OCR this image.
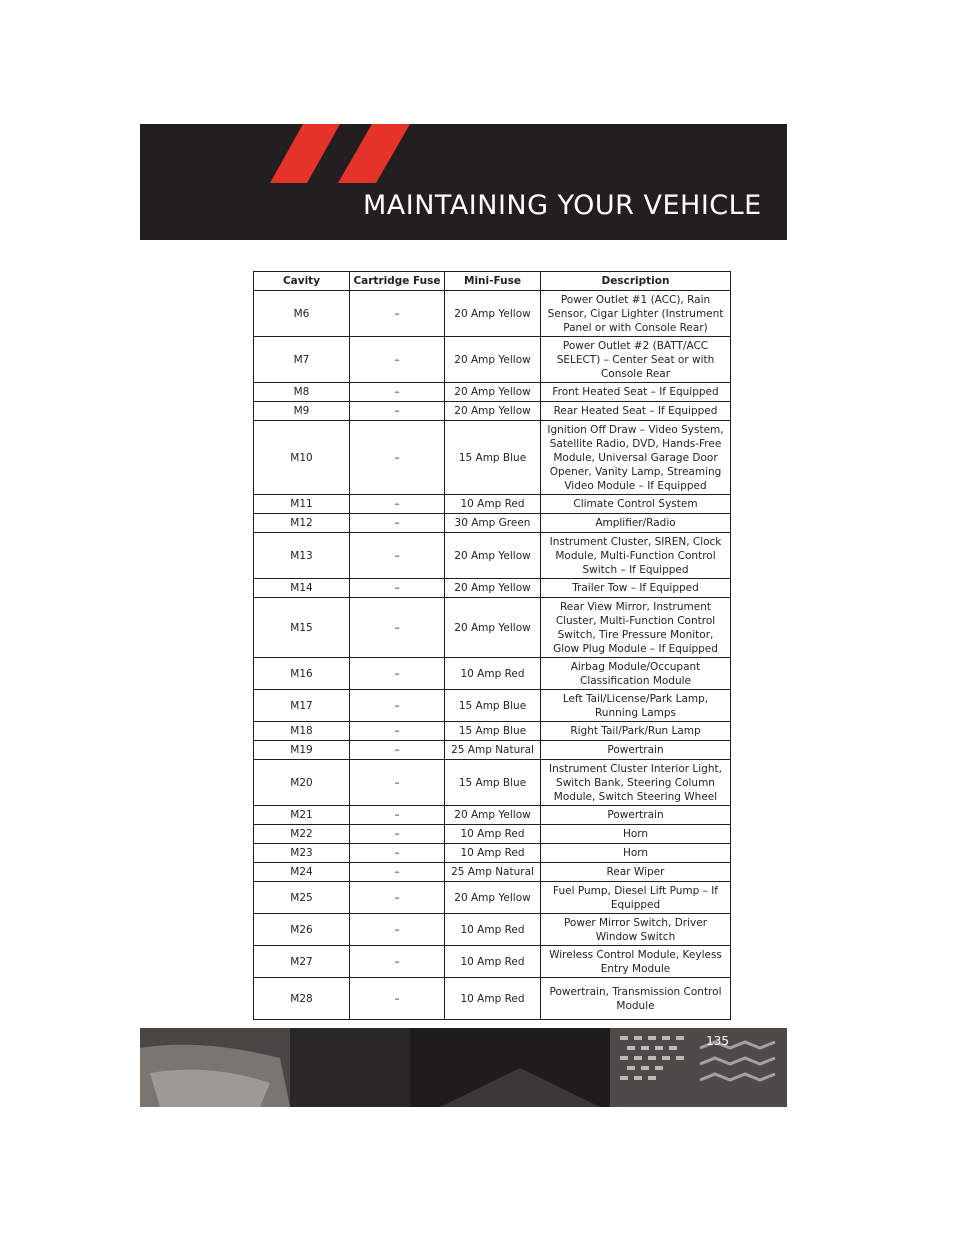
MAINTAINING YOUR VEHICLE
Cavity	Cartridge Fuse	Mini-Fuse	Description
M6	–	20 Amp Yellow	Power Outlet #1 (ACC), Rain Sensor, Cigar Lighter (Instrument Panel or with Console Rear)
M7	–	20 Amp Yellow	Power Outlet #2 (BATT/ACC SELECT) – Center Seat or with Console Rear
M8	–	20 Amp Yellow	Front Heated Seat – If Equipped
M9	–	20 Amp Yellow	Rear Heated Seat – If Equipped
M10	–	15 Amp Blue	Ignition Off Draw – Video System, Satellite Radio, DVD, Hands-Free Module, Universal Garage Door Opener, Vanity Lamp, Streaming Video Module – If Equipped
M11	–	10 Amp Red	Climate Control System
M12	–	30 Amp Green	Amplifier/Radio
M13	–	20 Amp Yellow	Instrument Cluster, SIREN, Clock Module, Multi-Function Control Switch – If Equipped
M14	–	20 Amp Yellow	Trailer Tow – If Equipped
M15	–	20 Amp Yellow	Rear View Mirror, Instrument Cluster, Multi-Function Control Switch, Tire Pressure Monitor, Glow Plug Module – If Equipped
M16	–	10 Amp Red	Airbag Module/Occupant Classification Module
M17	–	15 Amp Blue	Left Tail/License/Park Lamp, Running Lamps
M18	–	15 Amp Blue	Right Tail/Park/Run Lamp
M19	–	25 Amp Natural	Powertrain
M20	–	15 Amp Blue	Instrument Cluster Interior Light, Switch Bank, Steering Column Module, Switch Steering Wheel
M21	–	20 Amp Yellow	Powertrain
M22	–	10 Amp Red	Horn
M23	–	10 Amp Red	Horn
M24	–	25 Amp Natural	Rear Wiper
M25	–	20 Amp Yellow	Fuel Pump, Diesel Lift Pump – If Equipped
M26	–	10 Amp Red	Power Mirror Switch, Driver Window Switch
M27	–	10 Amp Red	Wireless Control Module, Keyless Entry Module
M28	–	10 Amp Red	Powertrain, Transmission Control Module
135
